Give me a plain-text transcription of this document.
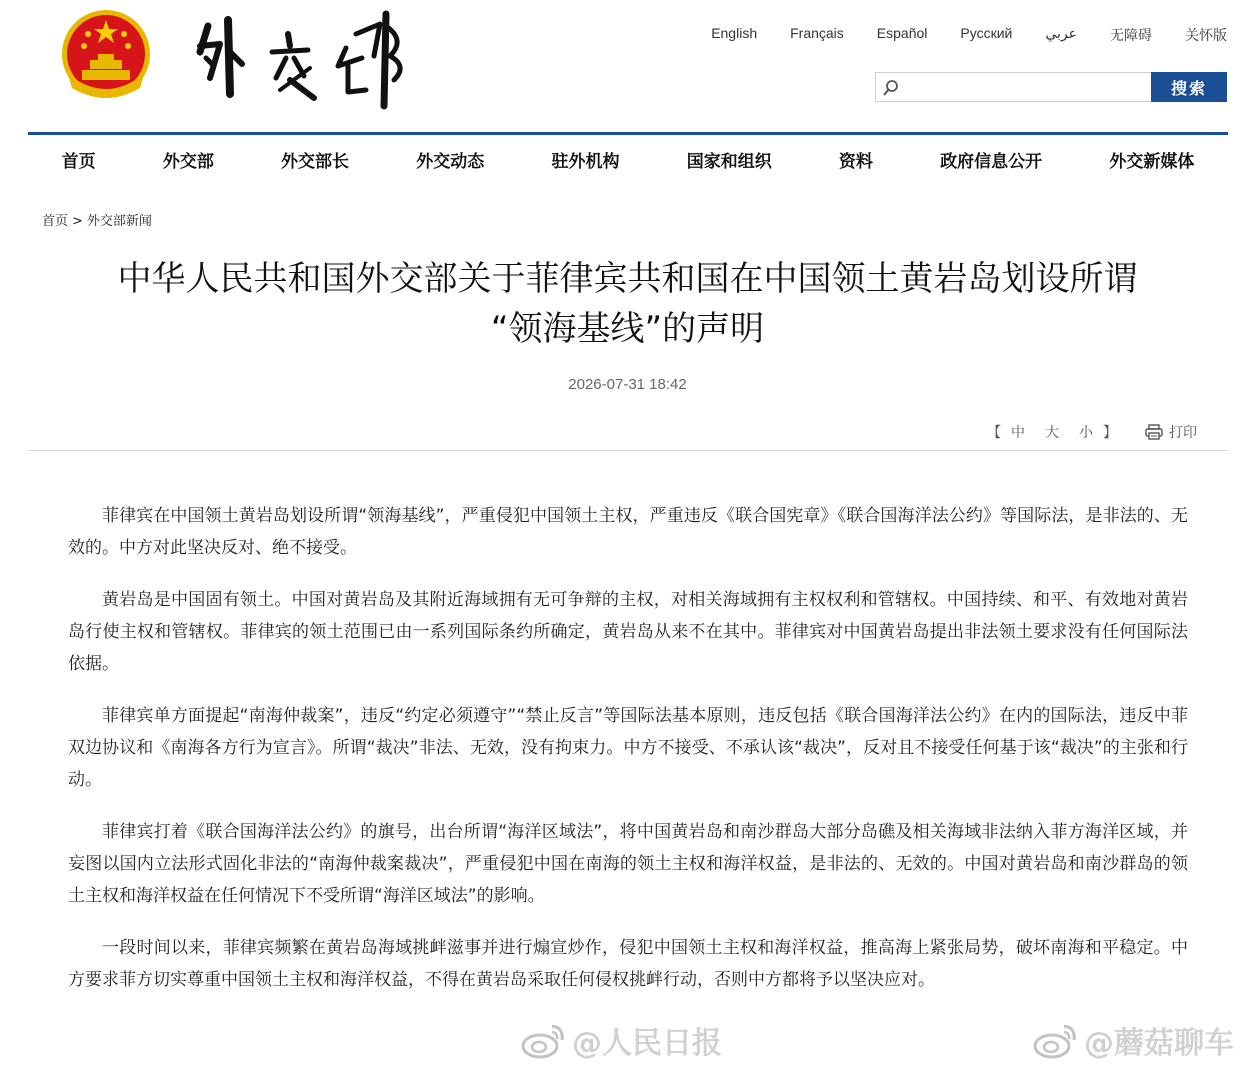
English Français Español Русский عربي 无障碍 关怀版
搜索
首页	外交部	外交部长	外交动态	驻外机构	国家和组织	资料	政府信息公开	外交新媒体
首页 > 外交部新闻
中华人民共和国外交部关于菲律宾共和国在中国领土黄岩岛划设所谓
“领海基线”的声明
2026-07-31 18:42
【 中 大 小 】	打印

菲律宾在中国领土黄岩岛划设所谓“领海基线”，严重侵犯中国领土主权，严重违反《联合国宪章》《联合国海洋法公约》等国际法，是非法的、无效的。中方对此坚决反对、绝不接受。

黄岩岛是中国固有领土。中国对黄岩岛及其附近海域拥有无可争辩的主权，对相关海域拥有主权权利和管辖权。中国持续、和平、有效地对黄岩岛行使主权和管辖权。菲律宾的领土范围已由一系列国际条约所确定，黄岩岛从来不在其中。菲律宾对中国黄岩岛提出非法领土要求没有任何国际法依据。

菲律宾单方面提起“南海仲裁案”，违反“约定必须遵守”“禁止反言”等国际法基本原则，违反包括《联合国海洋法公约》在内的国际法，违反中菲双边协议和《南海各方行为宣言》。所谓“裁决”非法、无效，没有拘束力。中方不接受、不承认该“裁决”，反对且不接受任何基于该“裁决”的主张和行动。

菲律宾打着《联合国海洋法公约》的旗号，出台所谓“海洋区域法”，将中国黄岩岛和南沙群岛大部分岛礁及相关海域非法纳入菲方海洋区域，并妄图以国内立法形式固化非法的“南海仲裁案裁决”，严重侵犯中国在南海的领土主权和海洋权益，是非法的、无效的。中国对黄岩岛和南沙群岛的领土主权和海洋权益在任何情况下不受所谓“海洋区域法”的影响。

一段时间以来，菲律宾频繁在黄岩岛海域挑衅滋事并进行煽宣炒作，侵犯中国领土主权和海洋权益，推高海上紧张局势，破坏南海和平稳定。中方要求菲方切实尊重中国领土主权和海洋权益，不得在黄岩岛采取任何侵权挑衅行动，否则中方都将予以坚决应对。

@人民日报	@蘑菇聊车
